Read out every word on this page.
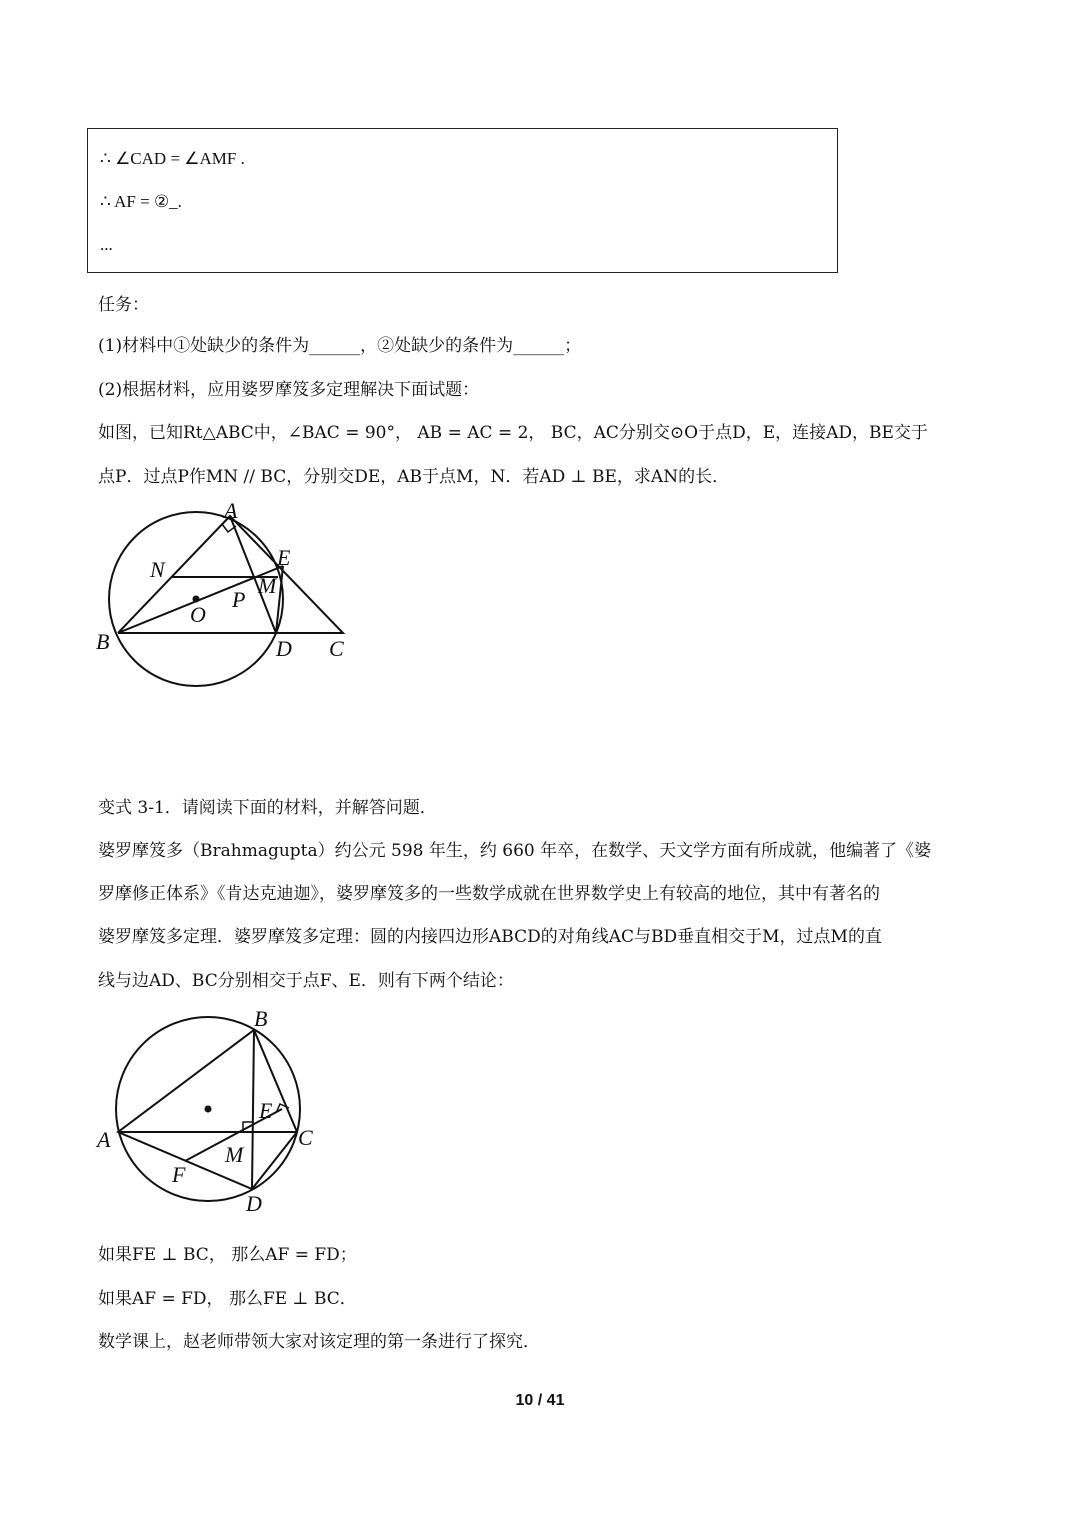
∴ ∠CAD = ∠AMF .
∴ AF = ②_.
...
任务：
(1)材料中①处缺少的条件为______，②处缺少的条件为______；
(2)根据材料，应用婆罗摩笈多定理解决下面试题：
如图，已知Rt△ABC中，∠BAC = 90°， AB = AC = 2， BC，AC分别交⊙O于点D，E，连接AD，BE交于
点P．过点P作MN // BC，分别交DE，AB于点M，N．若AD ⊥ BE，求AN的长．
A
B	C
D
E
M
N
O
P
变式 3-1．请阅读下面的材料，并解答问题．
婆罗摩笈多（Brahmagupta）约公元 598 年生，约 660 年卒，在数学、天文学方面有所成就，他编著了《婆
罗摩修正体系》《肯达克迪迦》，婆罗摩笈多的一些数学成就在世界数学史上有较高的地位，其中有著名的
婆罗摩笈多定理．婆罗摩笈多定理：圆的内接四边形ABCD的对角线AC与BD垂直相交于M，过点M的直
线与边AD、BC分别相交于点F、E．则有下两个结论：
B
A	C
D
E
F
M
如果FE ⊥ BC， 那么AF = FD；
如果AF = FD， 那么FE ⊥ BC．
数学课上，赵老师带领大家对该定理的第一条进行了探究．
10 / 41
